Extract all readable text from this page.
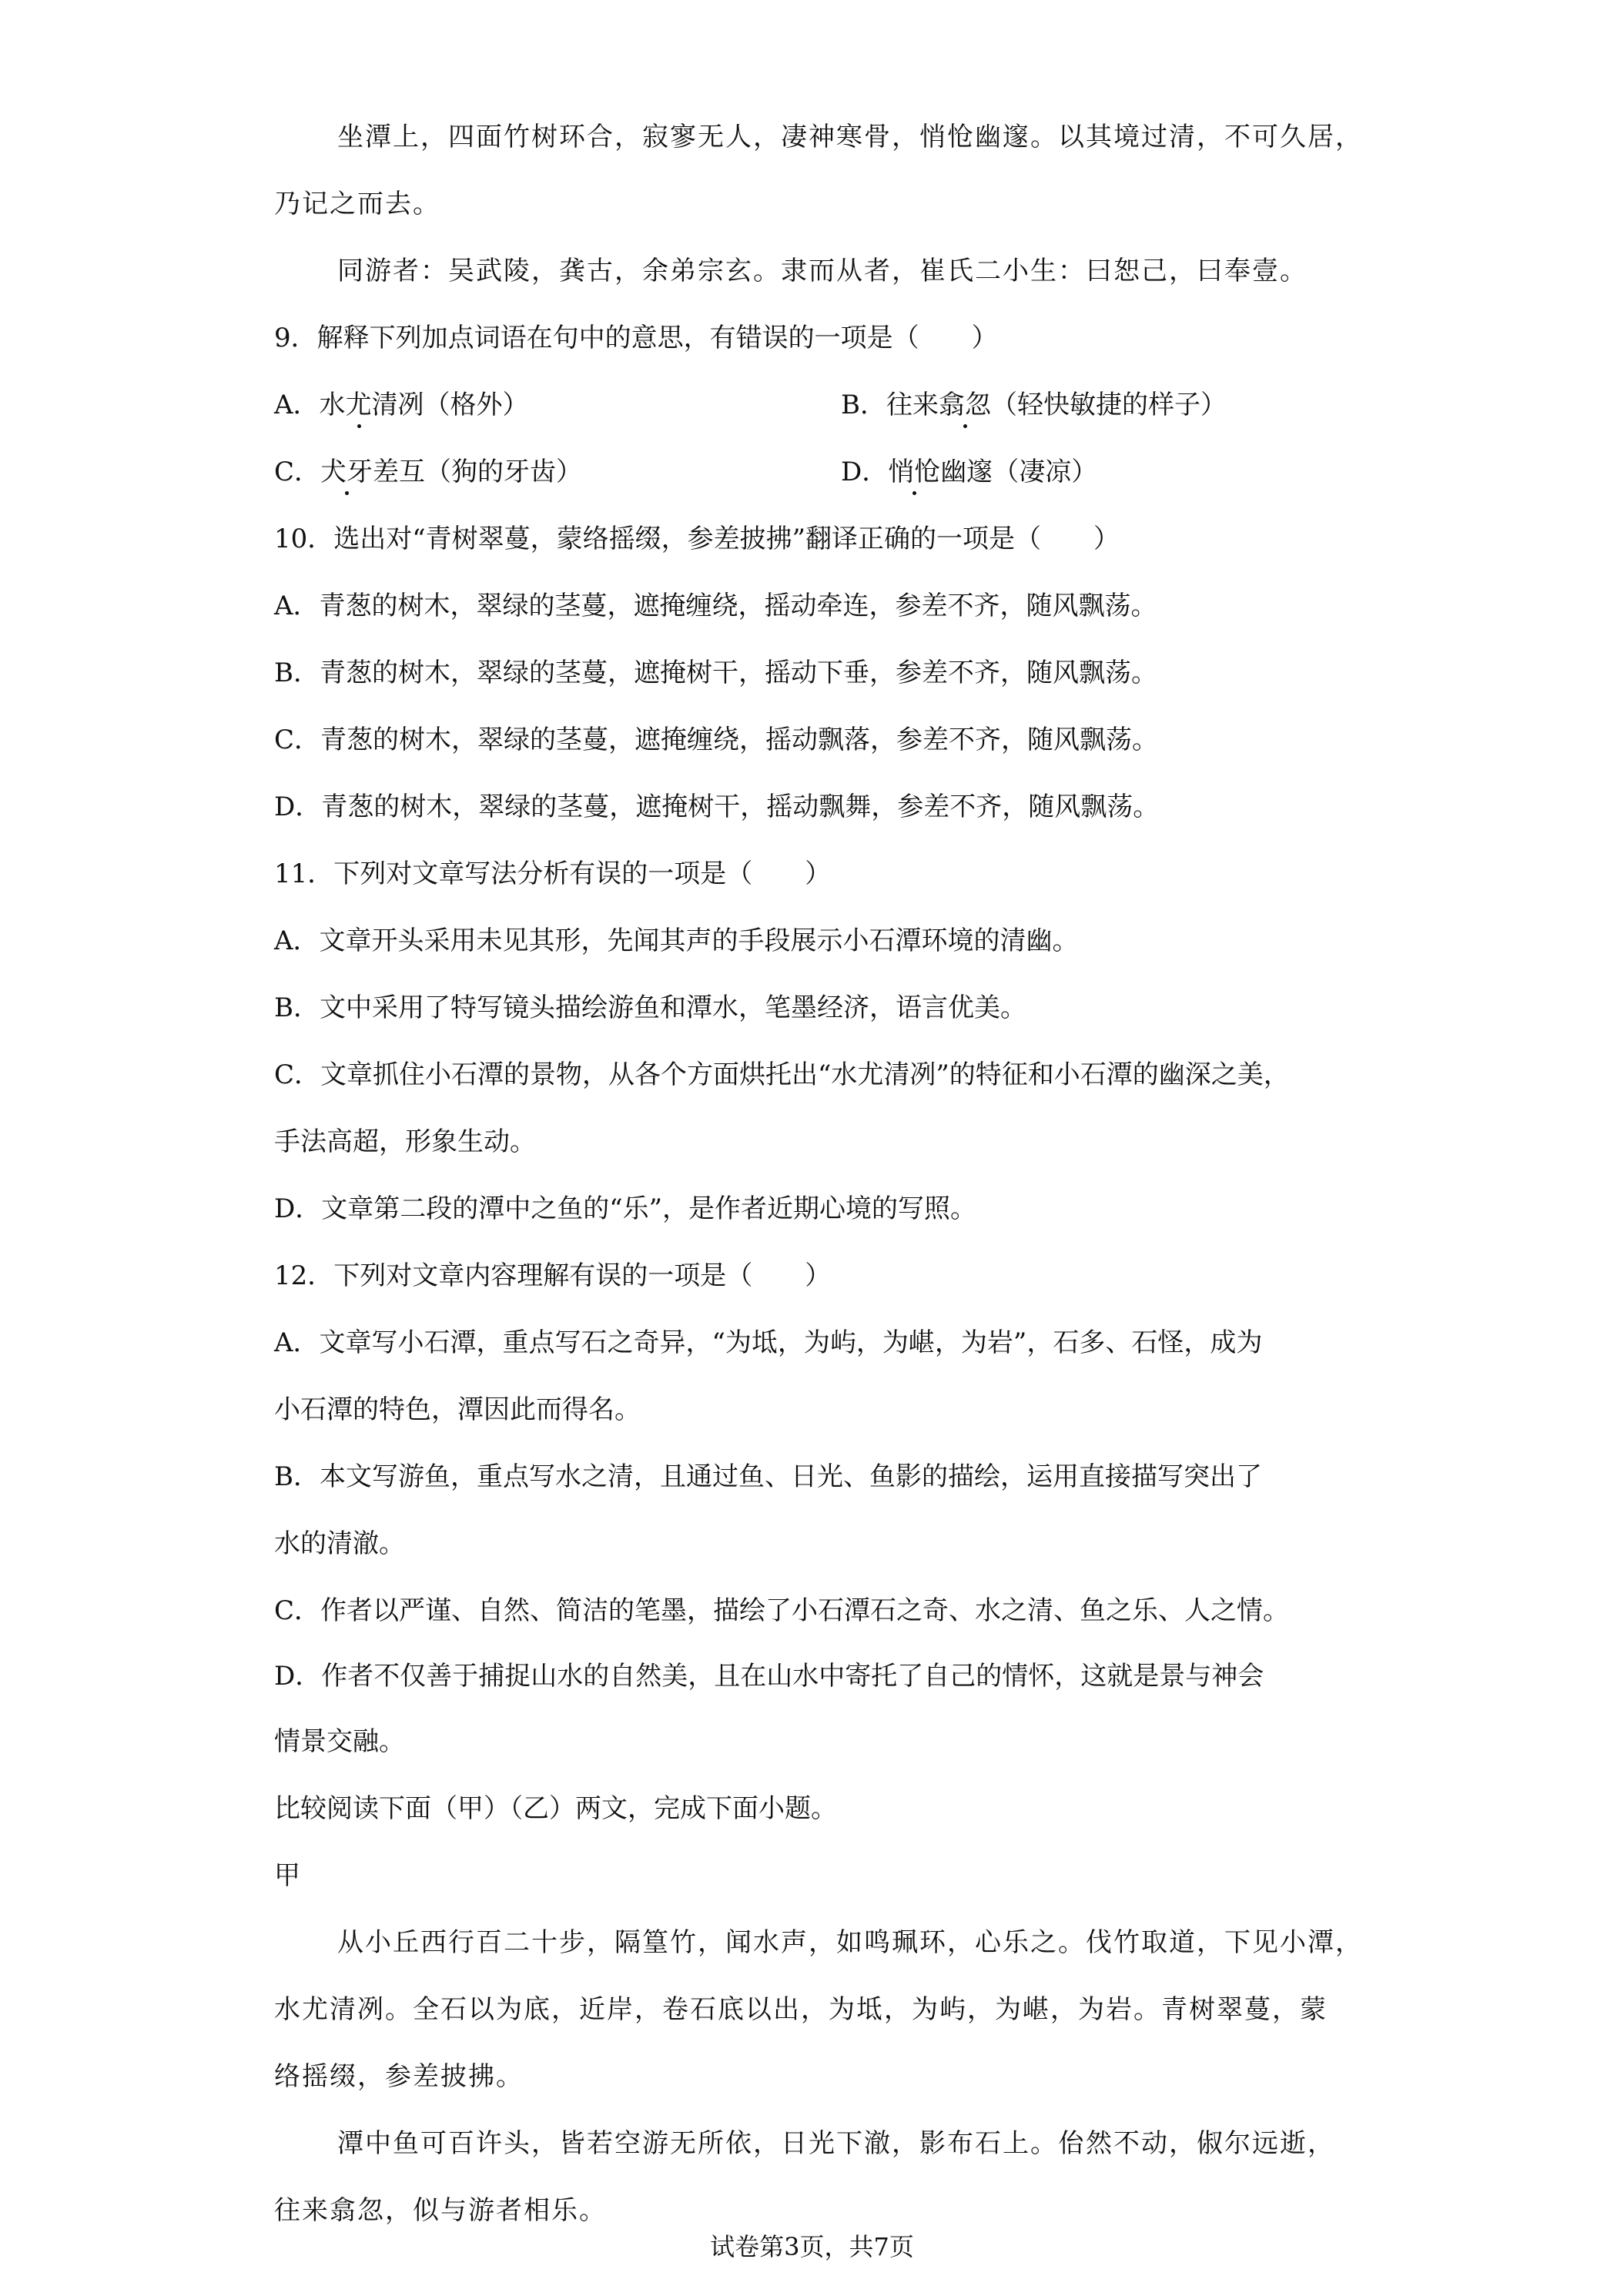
坐潭上，四面竹树环合，寂寥无人，凄神寒骨，悄怆幽邃。以其境过清，不可久居，
乃记之而去。
同游者：吴武陵，龚古，余弟宗玄。隶而从者，崔氏二小生：曰恕己，曰奉壹。
9．解释下列加点词语在句中的意思，有错误的一项是（　　）
A．水尤清冽（格外）	B．往来翕忽（轻快敏捷的样子）
C．犬牙差互（狗的牙齿）	D．悄怆幽邃（凄凉）
10．选出对“青树翠蔓，蒙络摇缀，参差披拂”翻译正确的一项是（　　）
A．青葱的树木，翠绿的茎蔓，遮掩缠绕，摇动牵连，参差不齐，随风飘荡。
B．青葱的树木，翠绿的茎蔓，遮掩树干，摇动下垂，参差不齐，随风飘荡。
C．青葱的树木，翠绿的茎蔓，遮掩缠绕，摇动飘落，参差不齐，随风飘荡。
D．青葱的树木，翠绿的茎蔓，遮掩树干，摇动飘舞，参差不齐，随风飘荡。
11．下列对文章写法分析有误的一项是（　　）
A．文章开头采用未见其形，先闻其声的手段展示小石潭环境的清幽。
B．文中采用了特写镜头描绘游鱼和潭水，笔墨经济，语言优美。
C．文章抓住小石潭的景物，从各个方面烘托出“水尤清冽”的特征和小石潭的幽深之美，
手法高超，形象生动。
D．文章第二段的潭中之鱼的“乐”，是作者近期心境的写照。
12．下列对文章内容理解有误的一项是（　　）
A．文章写小石潭，重点写石之奇异，“为坻，为屿，为嵁，为岩”，石多、石怪，成为
小石潭的特色，潭因此而得名。
B．本文写游鱼，重点写水之清，且通过鱼、日光、鱼影的描绘，运用直接描写突出了
水的清澈。
C．作者以严谨、自然、简洁的笔墨，描绘了小石潭石之奇、水之清、鱼之乐、人之情。
D．作者不仅善于捕捉山水的自然美，且在山水中寄托了自己的情怀，这就是景与神会
情景交融。
比较阅读下面（甲）（乙）两文，完成下面小题。
甲
从小丘西行百二十步，隔篁竹，闻水声，如鸣珮环，心乐之。伐竹取道，下见小潭，
水尤清冽。全石以为底，近岸，卷石底以出，为坻，为屿，为嵁，为岩。青树翠蔓，蒙
络摇缀，参差披拂。
潭中鱼可百许头，皆若空游无所依，日光下澈，影布石上。佁然不动，俶尔远逝，
往来翕忽，似与游者相乐。
试卷第3页，共7页
